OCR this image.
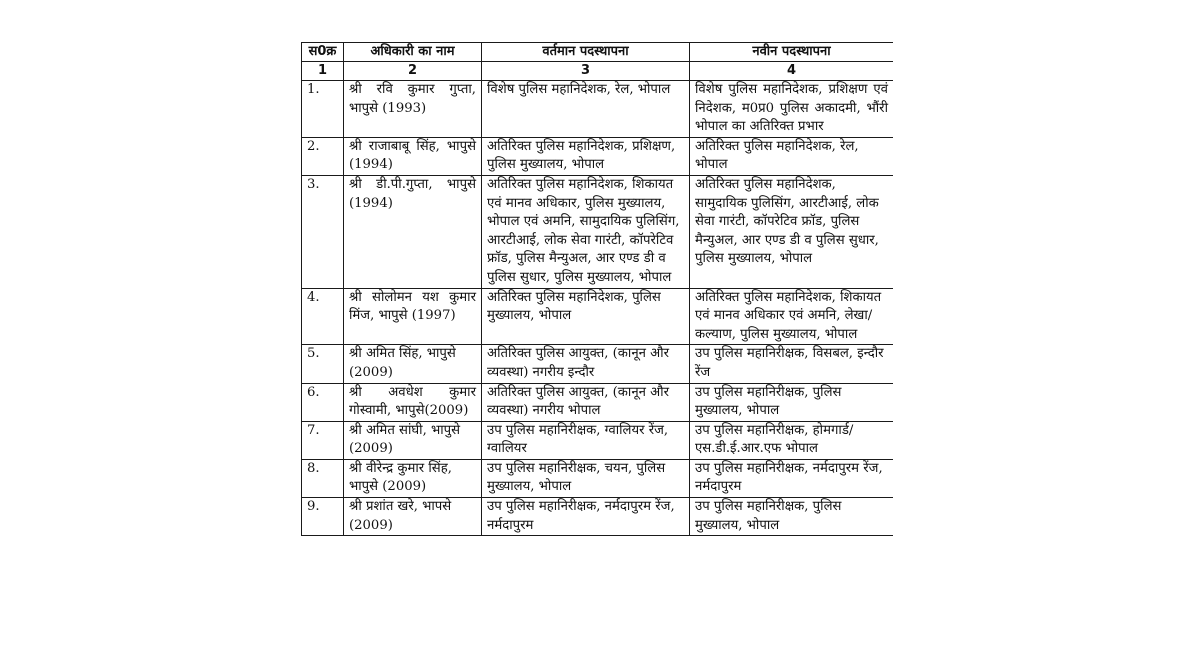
स0क्र	अधिकारी का नाम	वर्तमान पदस्थापना	नवीन पदस्थापना
1	2	3	4
1.	श्री रवि कुमार गुप्ता, भापुसे (1993)	विशेष पुलिस महानिदेशक, रेल, भोपाल	विशेष पुलिस महानिदेशक, प्रशिक्षण एवं निदेशक, म0प्र0 पुलिस अकादमी, भौंरी भोपाल का अतिरिक्त प्रभार
2.	श्री राजाबाबू सिंह, भापुसे (1994)	अतिरिक्त पुलिस महानिदेशक, प्रशिक्षण, पुलिस मुख्यालय, भोपाल	अतिरिक्त पुलिस महानिदेशक, रेल, भोपाल
3.	श्री डी.पी.गुप्ता, भापुसे (1994)	अतिरिक्त पुलिस महानिदेशक, शिकायत एवं मानव अधिकार, पुलिस मुख्यालय, भोपाल एवं अमनि, सामुदायिक पुलिसिंग, आरटीआई, लोक सेवा गारंटी, कॉपरेटिव फ्रॉड, पुलिस मैन्युअल, आर एण्ड डी व पुलिस सुधार, पुलिस मुख्यालय, भोपाल	अतिरिक्त पुलिस महानिदेशक, सामुदायिक पुलिसिंग, आरटीआई, लोक सेवा गारंटी, कॉपरेटिव फ्रॉड, पुलिस मैन्युअल, आर एण्ड डी व पुलिस सुधार, पुलिस मुख्यालय, भोपाल
4.	श्री सोलोमन यश कुमार मिंज, भापुसे (1997)	अतिरिक्त पुलिस महानिदेशक, पुलिस मुख्यालय, भोपाल	अतिरिक्त पुलिस महानिदेशक, शिकायत एवं मानव अधिकार एवं अमनि, लेखा/कल्याण, पुलिस मुख्यालय, भोपाल
5.	श्री अमित सिंह, भापुसे (2009)	अतिरिक्त पुलिस आयुक्त, (कानून और व्यवस्था) नगरीय इन्दौर	उप पुलिस महानिरीक्षक, विसबल, इन्दौर रेंज
6.	श्री अवधेश कुमार गोस्वामी, भापुसे(2009)	अतिरिक्त पुलिस आयुक्त, (कानून और व्यवस्था) नगरीय भोपाल	उप पुलिस महानिरीक्षक, पुलिस मुख्यालय, भोपाल
7.	श्री अमित सांघी, भापुसे (2009)	उप पुलिस महानिरीक्षक, ग्वालियर रेंज, ग्वालियर	उप पुलिस महानिरीक्षक, होमगार्ड/एस.डी.ई.आर.एफ भोपाल
8.	श्री वीरेन्द्र कुमार सिंह, भापुसे (2009)	उप पुलिस महानिरीक्षक, चयन, पुलिस मुख्यालय, भोपाल	उप पुलिस महानिरीक्षक, नर्मदापुरम रेंज, नर्मदापुरम
9.	श्री प्रशांत खरे, भापसे (2009)	उप पुलिस महानिरीक्षक, नर्मदापुरम रेंज, नर्मदापुरम	उप पुलिस महानिरीक्षक, पुलिस मुख्यालय, भोपाल
